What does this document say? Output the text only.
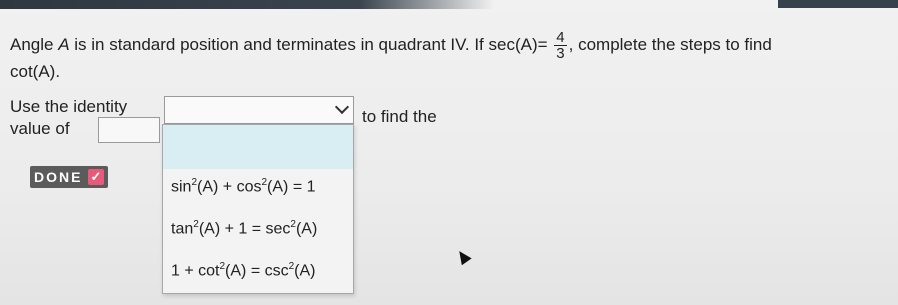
Angle A is in standard position and terminates in quadrant IV. If $\sec(A)= \frac{4}{3}$ , complete the steps to find
cot(A).
Use the identity
to find the
value of
DONE ✓
$\sin^2(A) + \cos^2(A) = 1$
$\tan^2(A) + 1 = \sec^2(A)$
$1 + \cot^2(A) = \csc^2(A)$
